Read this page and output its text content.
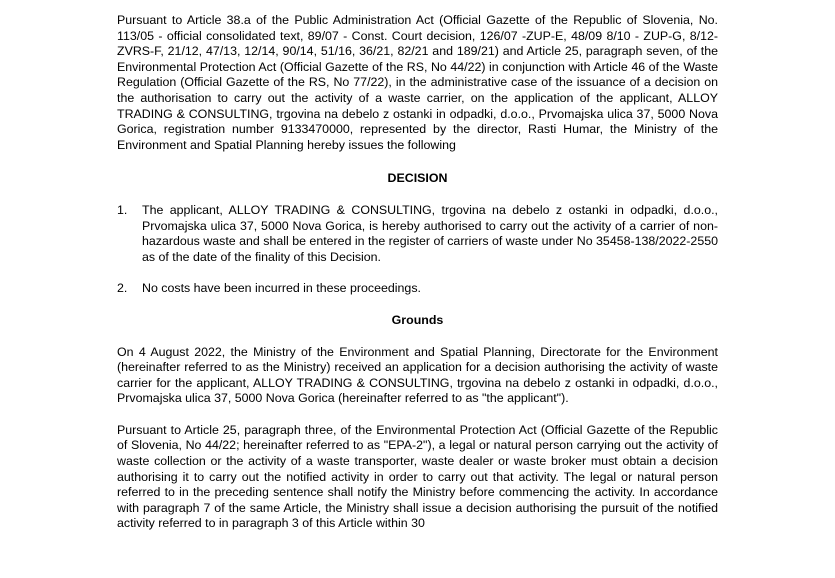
Pursuant to Article 38.a of the Public Administration Act (Official Gazette of the Republic of Slovenia, No. 113/05 - official consolidated text, 89/07 - Const. Court decision, 126/07 -ZUP-E, 48/09 8/10 - ZUP-G, 8/12-ZVRS-F, 21/12, 47/13, 12/14, 90/14, 51/16, 36/21, 82/21 and 189/21) and Article 25, paragraph seven, of the Environmental Protection Act (Official Gazette of the RS, No 44/22) in conjunction with Article 46 of the Waste Regulation (Official Gazette of the RS, No 77/22), in the administrative case of the issuance of a decision on the authorisation to carry out the activity of a waste carrier, on the application of the applicant, ALLOY TRADING & CONSULTING, trgovina na debelo z ostanki in odpadki, d.o.o., Prvomajska ulica 37, 5000 Nova Gorica, registration number 9133470000, represented by the director, Rasti Humar, the Ministry of the Environment and Spatial Planning hereby issues the following

DECISION

1.	The applicant, ALLOY TRADING & CONSULTING, trgovina na debelo z ostanki in odpadki, d.o.o., Prvomajska ulica 37, 5000 Nova Gorica, is hereby authorised to carry out the activity of a carrier of non-hazardous waste and shall be entered in the register of carriers of waste under No 35458-138/2022-2550 as of the date of the finality of this Decision.
2.	No costs have been incurred in these proceedings.

Grounds

On 4 August 2022, the Ministry of the Environment and Spatial Planning, Directorate for the Environment (hereinafter referred to as the Ministry) received an application for a decision authorising the activity of waste carrier for the applicant, ALLOY TRADING & CONSULTING, trgovina na debelo z ostanki in odpadki, d.o.o., Prvomajska ulica 37, 5000 Nova Gorica (hereinafter referred to as "the applicant").

Pursuant to Article 25, paragraph three, of the Environmental Protection Act (Official Gazette of the Republic of Slovenia, No 44/22; hereinafter referred to as "EPA-2"), a legal or natural person carrying out the activity of waste collection or the activity of a waste transporter, waste dealer or waste broker must obtain a decision authorising it to carry out the notified activity in order to carry out that activity. The legal or natural person referred to in the preceding sentence shall notify the Ministry before commencing the activity. In accordance with paragraph 7 of the same Article, the Ministry shall issue a decision authorising the pursuit of the notified activity referred to in paragraph 3 of this Article within 30
